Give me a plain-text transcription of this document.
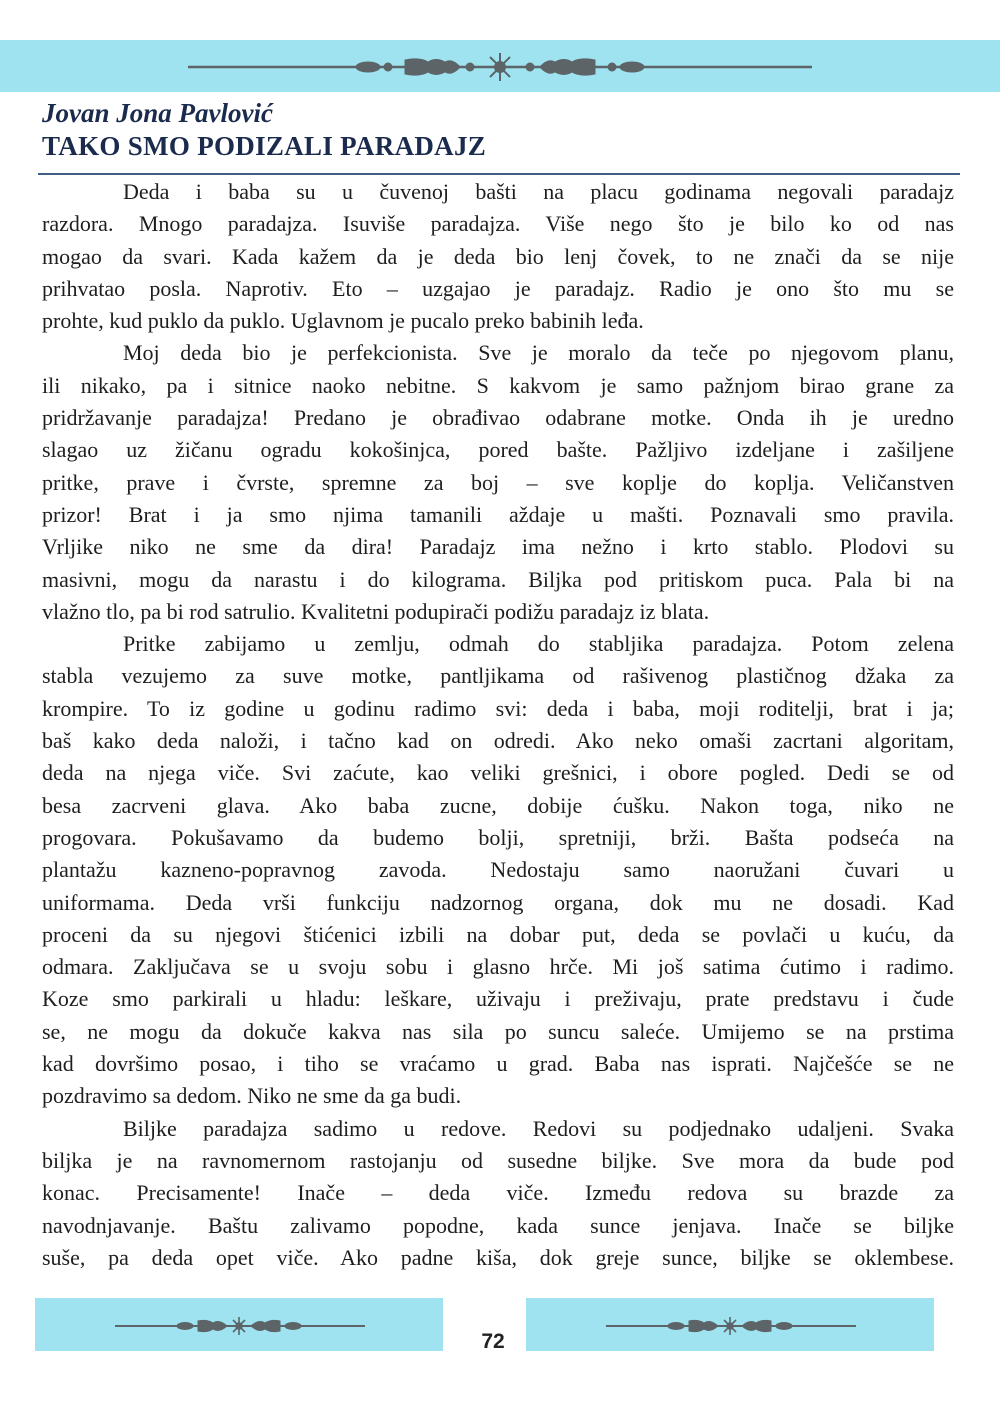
Jovan Jona Pavlović
TAKO SMO PODIZALI PARADAJZ

Deda i baba su u čuvenoj bašti na placu godinama negovali paradajz

razdora. Mnogo paradajza. Isuviše paradajza. Više nego što je bilo ko od nas

mogao da svari. Kada kažem da je deda bio lenj čovek, to ne znači da se nije

prihvatao posla. Naprotiv. Eto – uzgajao je paradajz. Radio je ono što mu se

prohte, kud puklo da puklo. Uglavnom je pucalo preko babinih leđa.

Moj deda bio je perfekcionista. Sve je moralo da teče po njegovom planu,

ili nikako, pa i sitnice naoko nebitne. S kakvom je samo pažnjom birao grane za

pridržavanje paradajza! Predano je obrađivao odabrane motke. Onda ih je uredno

slagao uz žičanu ogradu kokošinjca, pored bašte. Pažljivo izdeljane i zašiljene

pritke, prave i čvrste, spremne za boj – sve koplje do koplja. Veličanstven

prizor! Brat i ja smo njima tamanili aždaje u mašti. Poznavali smo pravila.

Vrljike niko ne sme da dira! Paradajz ima nežno i krto stablo. Plodovi su

masivni, mogu da narastu i do kilograma. Biljka pod pritiskom puca. Pala bi na

vlažno tlo, pa bi rod satrulio. Kvalitetni podupirači podižu paradajz iz blata.

Pritke zabijamo u zemlju, odmah do stabljika paradajza. Potom zelena

stabla vezujemo za suve motke, pantljikama od rašivenog plastičnog džaka za

krompire. To iz godine u godinu radimo svi: deda i baba, moji roditelji, brat i ja;

baš kako deda naloži, i tačno kad on odredi. Ako neko omaši zacrtani algoritam,

deda na njega viče. Svi zaćute, kao veliki grešnici, i obore pogled. Dedi se od

besa zacrveni glava. Ako baba zucne, dobije ćušku. Nakon toga, niko ne

progovara. Pokušavamo da budemo bolji, spretniji, brži. Bašta podseća na

plantažu kazneno-popravnog zavoda. Nedostaju samo naoružani čuvari u

uniformama. Deda vrši funkciju nadzornog organa, dok mu ne dosadi. Kad

proceni da su njegovi štićenici izbili na dobar put, deda se povlači u kuću, da

odmara. Zaključava se u svoju sobu i glasno hrče. Mi još satima ćutimo i radimo.

Koze smo parkirali u hladu: leškare, uživaju i preživaju, prate predstavu i čude

se, ne mogu da dokuče kakva nas sila po suncu saleće. Umijemo se na prstima

kad dovršimo posao, i tiho se vraćamo u grad. Baba nas isprati. Najčešće se ne

pozdravimo sa dedom. Niko ne sme da ga budi.

Biljke paradajza sadimo u redove. Redovi su podjednako udaljeni. Svaka

biljka je na ravnomernom rastojanju od susedne biljke. Sve mora da bude pod

konac. Precisamente! Inače – deda viče. Između redova su brazde za

navodnjavanje. Baštu zalivamo popodne, kada sunce jenjava. Inače se biljke

suše, pa deda opet viče. Ako padne kiša, dok greje sunce, biljke se oklembese.

72
